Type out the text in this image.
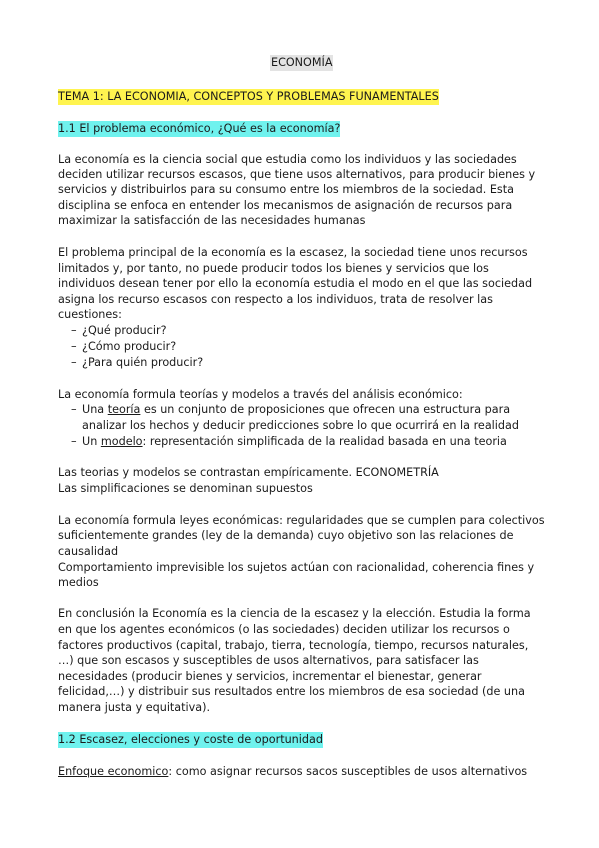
ECONOMÍA
TEMA 1: LA ECONOMIA, CONCEPTOS Y PROBLEMAS FUNAMENTALES
1.1 El problema económico, ¿Qué es la economía?
La economía es la ciencia social que estudia como los individuos y las sociedades
deciden utilizar recursos escasos, que tiene usos alternativos, para producir bienes y
servicios y distribuirlos para su consumo entre los miembros de la sociedad. Esta
disciplina se enfoca en entender los mecanismos de asignación de recursos para
maximizar la satisfacción de las necesidades humanas
El problema principal de la economía es la escasez, la sociedad tiene unos recursos
limitados y, por tanto, no puede producir todos los bienes y servicios que los
individuos desean tener por ello la economía estudia el modo en el que las sociedad
asigna los recurso escasos con respecto a los individuos, trata de resolver las
cuestiones:
– ¿Qué producir?
– ¿Cómo producir?
– ¿Para quién producir?
La economía formula teorías y modelos a través del análisis económico:
– Una teoría es un conjunto de proposiciones que ofrecen una estructura para
analizar los hechos y deducir predicciones sobre lo que ocurrirá en la realidad
– Un modelo: representación simplificada de la realidad basada en una teoria
Las teorias y modelos se contrastan empíricamente. ECONOMETRÍA
Las simplificaciones se denominan supuestos
La economía formula leyes económicas: regularidades que se cumplen para colectivos
suficientemente grandes (ley de la demanda) cuyo objetivo son las relaciones de
causalidad
Comportamiento imprevisible los sujetos actúan con racionalidad, coherencia fines y
medios
En conclusión la Economía es la ciencia de la escasez y la elección. Estudia la forma
en que los agentes económicos (o las sociedades) deciden utilizar los recursos o
factores productivos (capital, trabajo, tierra, tecnología, tiempo, recursos naturales,
…) que son escasos y susceptibles de usos alternativos, para satisfacer las
necesidades (producir bienes y servicios, incrementar el bienestar, generar
felicidad,…) y distribuir sus resultados entre los miembros de esa sociedad (de una
manera justa y equitativa).
1.2 Escasez, elecciones y coste de oportunidad
Enfoque economico: como asignar recursos sacos susceptibles de usos alternativos
